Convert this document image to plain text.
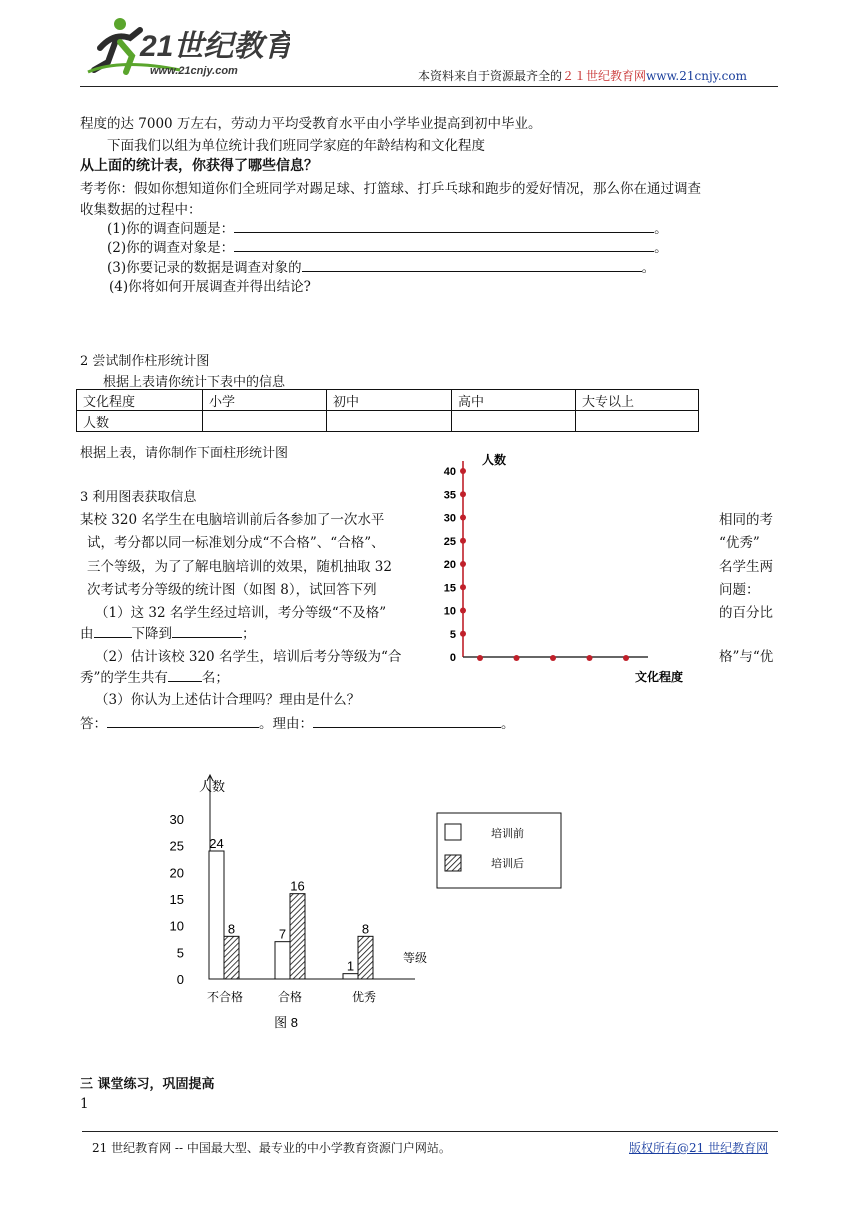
21世纪教育
www.21cnjy.com	本资料来自于资源最齐全的２１世纪教育网www.21cnjy.com
程度的达 7000 万左右，劳动力平均受教育水平由小学毕业提高到初中毕业。
下面我们以组为单位统计我们班同学家庭的年龄结构和文化程度
从上面的统计表，你获得了哪些信息？
考考你：假如你想知道你们全班同学对踢足球、打篮球、打乒乓球和跑步的爱好情况，那么你在通过调查
收集数据的过程中：
(1)你的调查问题是：	。
(2)你的调查对象是：	。
(3)你要记录的数据是调查对象的	。
(4)你将如何开展调查并得出结论?
2 尝试制作柱形统计图
根据上表请你统计下表中的信息
文化程度	小学	初中	高中	大专以上
人数				
根据上表，请你制作下面柱形统计图
0
5
10
15
20
25
30
35
40
人数
文化程度
3 利用图表获取信息
某校 320 名学生在电脑培训前后各参加了一次水平	相同的考
试，考分都以同一标准划分成“不合格”、“合格”、	“优秀”
三个等级，为了了解电脑培训的效果，随机抽取 32	名学生两
次考试考分等级的统计图（如图 8），试回答下列	问题：
（1）这 32 名学生经过培训，考分等级“不及格”	的百分比
由	下降到	；
（2）估计该校 320 名学生，培训后考分等级为“合	格”与“优
秀”的学生共有	名；
（3）你认为上述估计合理吗？理由是什么？
答：	。理由：	。
0
5
10
15
20
25
30
人数
等级
24
8
不合格
7
16
合格
1
8
优秀
培训前
培训后
图 8
三 课堂练习，巩固提高
1
21 世纪教育网 -- 中国最大型、最专业的中小学教育资源门户网站。	版权所有@21 世纪教育网
